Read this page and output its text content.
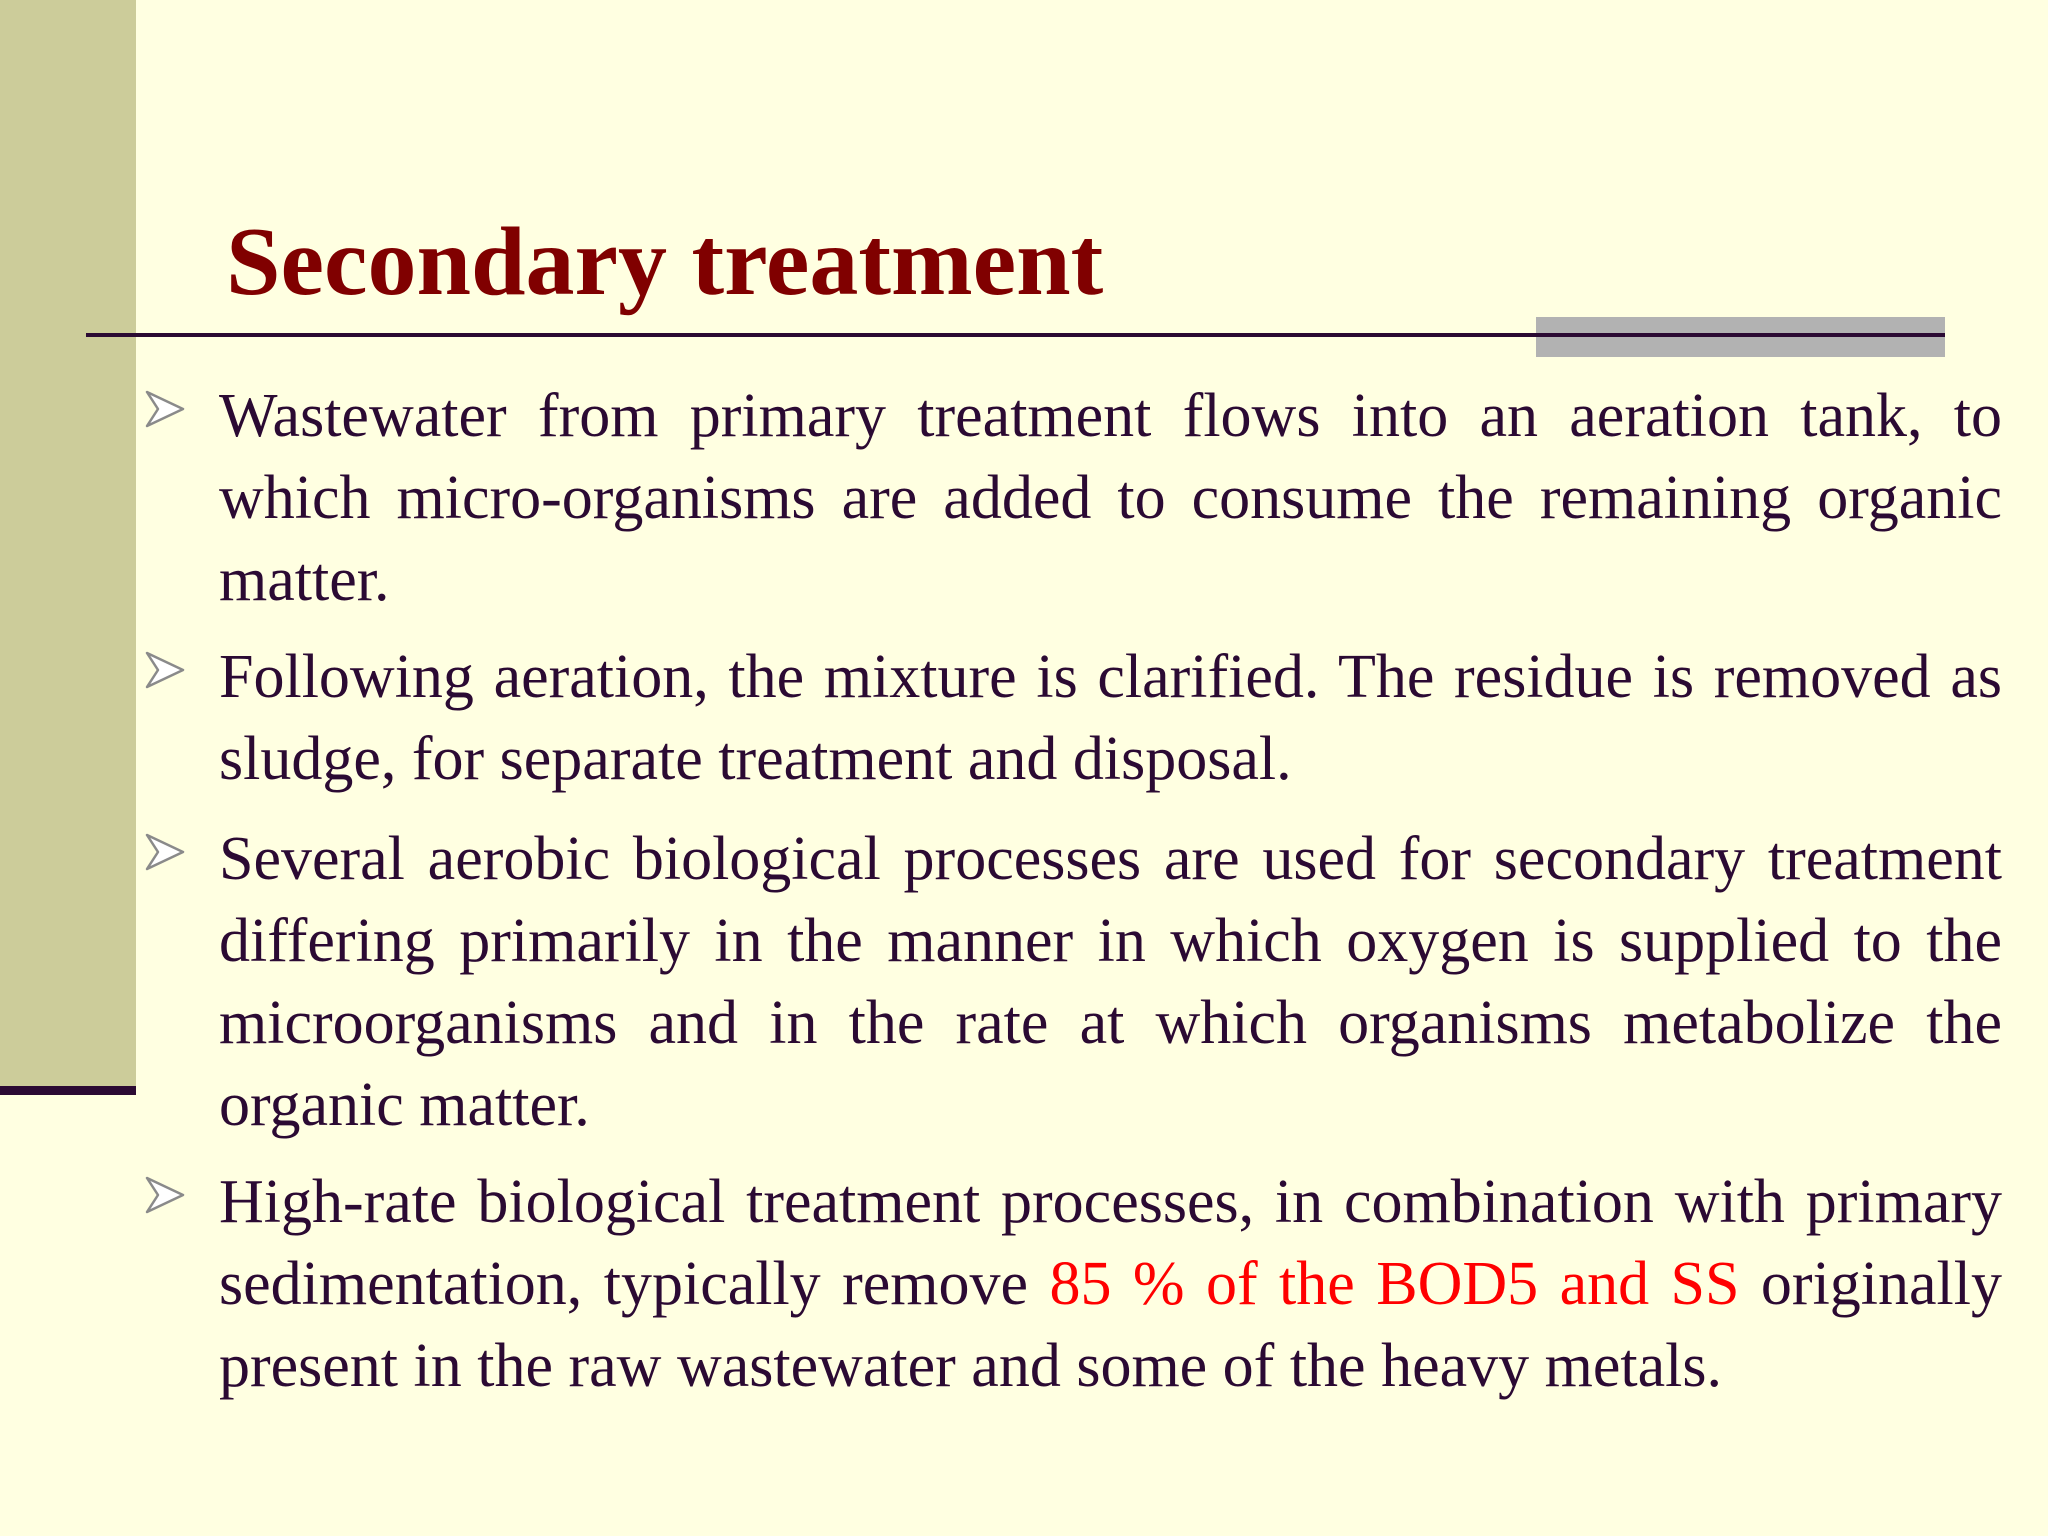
Secondary treatment

Wastewater from primary treatment flows into an aeration tank, to which micro-organisms are added to consume the remaining organic matter.

Following aeration, the mixture is clarified. The residue is removed as sludge, for separate treatment and disposal.

Several aerobic biological processes are used for secondary treatment differing primarily in the manner in which oxygen is supplied to the microorganisms and in the rate at which organisms metabolize the organic matter.

High-rate biological treatment processes, in combination with primary sedimentation, typically remove 85 % of the BOD5 and SS originally present in the raw wastewater and some of the heavy metals.
